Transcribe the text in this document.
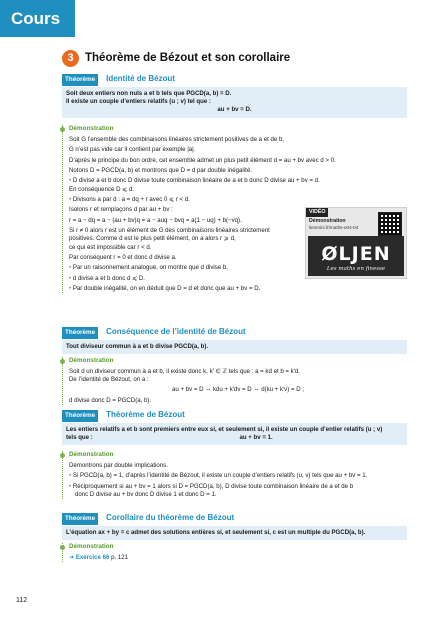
Cours
3 Théorème de Bézout et son corollaire
Théorème	Identité de Bézout
Soit deux entiers non nuls a et b tels que PGCD(a, b) = D.
Il existe un couple d’entiers relatifs (u ; v) tel que :
au + bv = D.
Démonstration

Soit G l’ensemble des combinaisons linéaires strictement positives de a et de b.

G n’est pas vide car il contient par exemple |a|.

D’après le principe du bon ordre, cet ensemble admet un plus petit élément d = au + bv avec d > 0.

Notons D = PGCD(a, b) et montrons que D = d par double inégalité.

• D divise a et b donc D divise toute combinaison linéaire de a et b donc D divise au + bv = d.

En conséquence D ⩽ d.

• Divisons a par d : a = dq + r avec 0 ⩽ r < d.

Isolons r et remplaçons d par au + bv :

r = a − dq = a − (au + bv)q = a − auq − bvq = a(1 − uq) + b(−vq).

Si r ≠ 0 alors r est un élément de G des combinaisons linéaires strictement

positives. Comme d est le plus petit élément, on a alors r ⩾ d,

ce qui est impossible car r < d.

Par conséquent r = 0 et donc d divise a.

• Par un raisonnement analogue, on montre que d divise b.

• d divise a et b donc d ⩽ D.

• Par double inégalité, on en déduit que D = d et donc que au + bv = D.

VIDÉO
Démonstration
lienmini.fr/maths-e04-04
ØLJEN
Les maths en finesse
Théorème	Conséquence de l’identité de Bézout
Tout diviseur commun à a et b divise PGCD(a, b).
Démonstration

Soit d un diviseur commun à a et b, il existe donc k, k′ ∈ ℤ tels que : a = kd et b = k′d.

De l’identité de Bézout, on a :

au + bv = D ⇔ kdu + k′dv = D ⇔ d(ku + k′v) = D ;

d divise donc D = PGCD(a, b).

Théorème	Théorème de Bézout
Les entiers relatifs a et b sont premiers entre eux si, et seulement si, il existe un couple d’entier relatifs (u ; v)
tels que :	au + bv = 1.
Démonstration

Démontrons par double implications.

• Si PGCD(a, b) = 1, d’après l’identité de Bézout, il existe un couple d’entiers relatifs (u, v) tels que au + bv = 1.

• Réciproquement si au + bv = 1 alors si D = PGCD(a, b), D divise toute combinaison linéaire de a et de b

donc D divise au + bv donc D divise 1 et donc D = 1.

Théorème	Corollaire du théorème de Bézout
L’équation ax + by = c admet des solutions entières si, et seulement si, c est un multiple du PGCD(a, b).
Démonstration

➜ Exercice 66 p. 121

112
